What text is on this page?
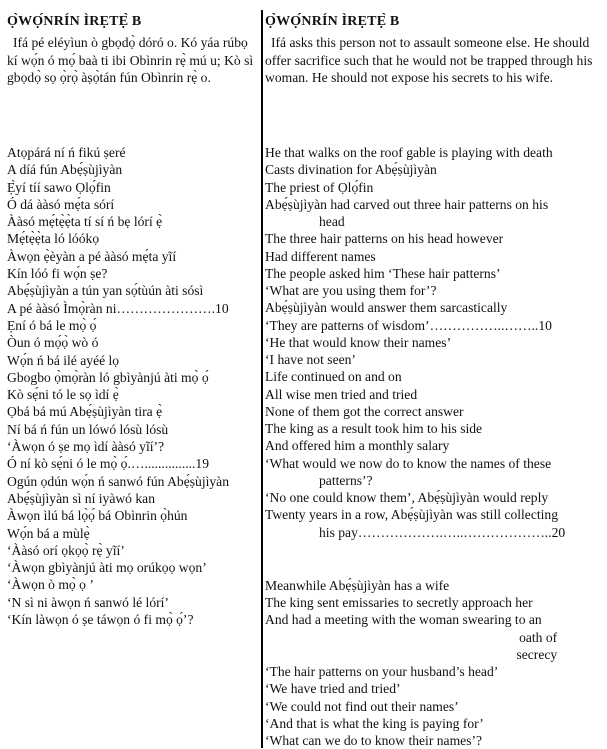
Ọ̀WỌ́NRÍN ÌRẸTẸ̀ B
Ifá pé eléyìun ò gbọdọ̀ dóró o. Kó yáa rúbọ kí wọ́n ó mọ́ baà ti ibi Obìnrin rẹ̀ mú u; Kò sì gbọdọ̀ sọ ọ̀rọ̀ àṣọ̀tán fún Obìnrin rẹ̀ o.
Atọpárá ní ń fikú ṣeré
A díá fún Abẹ́ṣùjìyàn
Ẹ̀yí tíí sawo Ọlọ́fin
Ó dá ààsó mẹ́ta sórí
Ààsó mẹ́tẹ̀ẹ̀ta tí sí ń bẹ lórí ẹ̀
Mẹ́tẹ̀ẹ̀ta ló lóókọ
Àwọn ẹ̀èyàn a pé ààsó mẹ́ta yĩí
Kín lóó fi wọ́n ṣe?
Abẹ́ṣùjìyàn a tún yan sọ́tùún àti sósì
A pé ààsó Ìmọ̀ràn ni………………….10
Ẹní ó bá le mọ̀ ọ́
Òun ó mọ́ọ̀ wò ó
Wọ́n ń bá ilé ayéé lọ
Gbogbo ọ̀mọ̀ràn ló gbìyànjú àti mọ̀ ọ́
Kò sẹ́ni tó le sọ ìdí ẹ̀
Ọbá bá mú Abẹ́ṣùjìyàn tira ẹ̀
Ní bá ń fún un lówó lósù lósù
‘Àwọn ó ṣe mọ ìdí ààsó yĩí’?
Ó ní kò sẹ́ni ó le mọ̀ ọ́.…...............19
Ogún ọdún wọ́n ń sanwó fún Abẹ́ṣùjìyàn
Abẹ́ṣùjìyàn sì ní iyàwó kan
Àwọn ìlú bá lọ̀ọ́ bá Obìnrin ọ̀hún
Wọ́n bá a mùlẹ̀
‘Ààsó orí ọkọọ̀ rẹ̀ yĩí’
‘Àwọn gbìyànjú àti mọ orúkọọ wọn’
‘Àwọn ò mọ̀ ọ ’
‘N sì ni àwọn ń sanwó lé lórí’
‘Kín làwọn ó ṣe táwọn ó fi mọ̀ ọ́’?
Ọ̀WỌ́NRÍN ÌRẸTẸ̀ B
Ifá asks this person not to assault someone else. He should offer sacrifice such that he would not be trapped through his woman. He should not expose his secrets to his wife.
He that walks on the roof gable is playing with death
Casts divination for Abẹ́ṣùjìyàn
The priest of Ọlọ́fin
Abẹ́ṣùjìyàn had carved out three hair patterns on his
head
The three hair patterns on his head however
Had different names
The people asked him ‘These hair patterns’
‘What are you using them for’?
Abẹ́ṣùjìyàn would answer them sarcastically
‘They are patterns of wisdom’……………..……..10
‘He that would know their names’
‘I have not seen’
Life continued on and on
All wise men tried and tried
None of them got the correct answer
The king as a result took him to his side
And offered him a monthly salary
‘What would we now do to know the names of these
patterns’?
‘No one could know them’, Abẹ́ṣùjìyàn would reply
Twenty years in a row, Abẹ́ṣùjìyàn was still collecting
his pay……………….…..………………..20
Meanwhile Abẹ́ṣùjìyàn has a wife
The king sent emissaries to secretly approach her
And had a meeting with the woman swearing to an
oath of
secrecy
‘The hair patterns on your husband’s head’
‘We have tried and tried’
‘We could not find out their names’
‘And that is what the king is paying for’
‘What can we do to know their names’?
